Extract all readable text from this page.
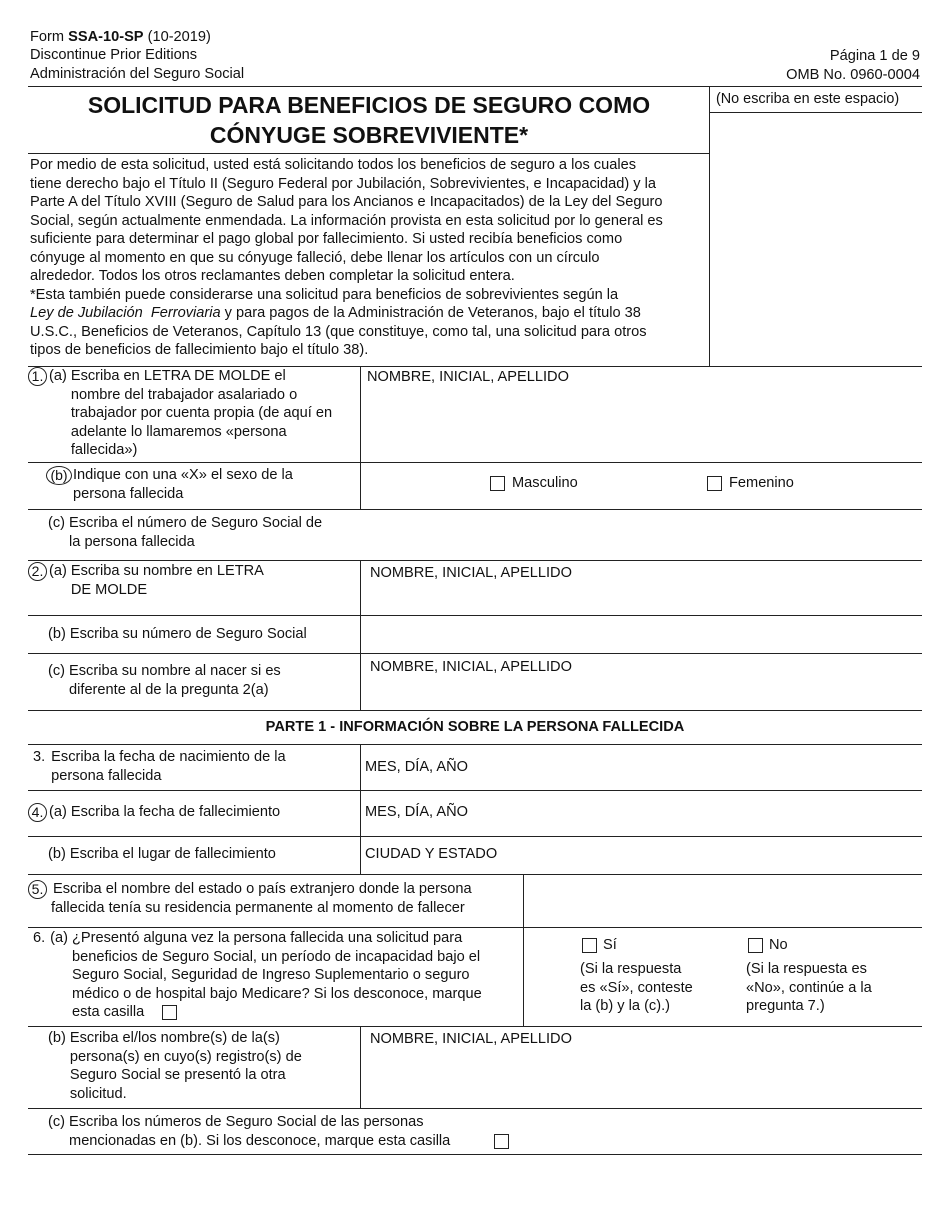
Form SSA-10-SP (10-2019)
Discontinue Prior Editions
Administración del Seguro Social
Página 1 de 9
OMB No. 0960-0004
(No escriba en este espacio)
SOLICITUD PARA BENEFICIOS DE SEGURO COMO
CÓNYUGE SOBREVIVIENTE*
Por medio de esta solicitud, usted está solicitando todos los beneficios de seguro a los cuales
tiene derecho bajo el Título II (Seguro Federal por Jubilación, Sobrevivientes, e Incapacidad) y la
Parte A del Título XVIII (Seguro de Salud para los Ancianos e Incapacitados) de la Ley del Seguro
Social, según actualmente enmendada. La información provista en esta solicitud por lo general es
suficiente para determinar el pago global por fallecimiento. Si usted recibía beneficios como
cónyuge al momento en que su cónyuge falleció, debe llenar los artículos con un círculo
alrededor. Todos los otros reclamantes deben completar la solicitud entera.
*Esta también puede considerarse una solicitud para beneficios de sobrevivientes según la
Ley de Jubilación  Ferroviaria y para pagos de la Administración de Veteranos, bajo el título 38
U.S.C., Beneficios de Veteranos, Capítulo 13 (que constituye, como tal, una solicitud para otros
tipos de beneficios de fallecimiento bajo el título 38).
1. (a) Escriba en LETRA DE MOLDE el
nombre del trabajador asalariado o
trabajador por cuenta propia (de aquí en
adelante lo llamaremos «persona
fallecida»)
NOMBRE, INICIAL, APELLIDO
(b) Indique con una «X» el sexo de la
persona fallecida
Masculino	Femenino
(c) Escriba el número de Seguro Social de
la persona fallecida
2. (a) Escriba su nombre en LETRA
DE MOLDE
NOMBRE, INICIAL, APELLIDO
(b) Escriba su número de Seguro Social
(c) Escriba su nombre al nacer si es
diferente al de la pregunta 2(a)
NOMBRE, INICIAL, APELLIDO
PARTE 1 - INFORMACIÓN SOBRE LA PERSONA FALLECIDA
3. Escriba la fecha de nacimiento de la
persona fallecida
MES, DÍA, AÑO
4. (a) Escriba la fecha de fallecimiento	MES, DÍA, AÑO
(b) Escriba el lugar de fallecimiento	CIUDAD Y ESTADO
5. Escriba el nombre del estado o país extranjero donde la persona
fallecida tenía su residencia permanente al momento de fallecer
6. (a) ¿Presentó alguna vez la persona fallecida una solicitud para
beneficios de Seguro Social, un período de incapacidad bajo el
Seguro Social, Seguridad de Ingreso Suplementario o seguro
médico o de hospital bajo Medicare? Si los desconoce, marque
esta casilla
Sí
(Si la respuesta
es «Sí», conteste
la (b) y la (c).)
No
(Si la respuesta es
«No», continúe a la
pregunta 7.)
(b) Escriba el/los nombre(s) de la(s)
persona(s) en cuyo(s) registro(s) de
Seguro Social se presentó la otra
solicitud.
NOMBRE, INICIAL, APELLIDO
(c) Escriba los números de Seguro Social de las personas
mencionadas en (b). Si los desconoce, marque esta casilla
